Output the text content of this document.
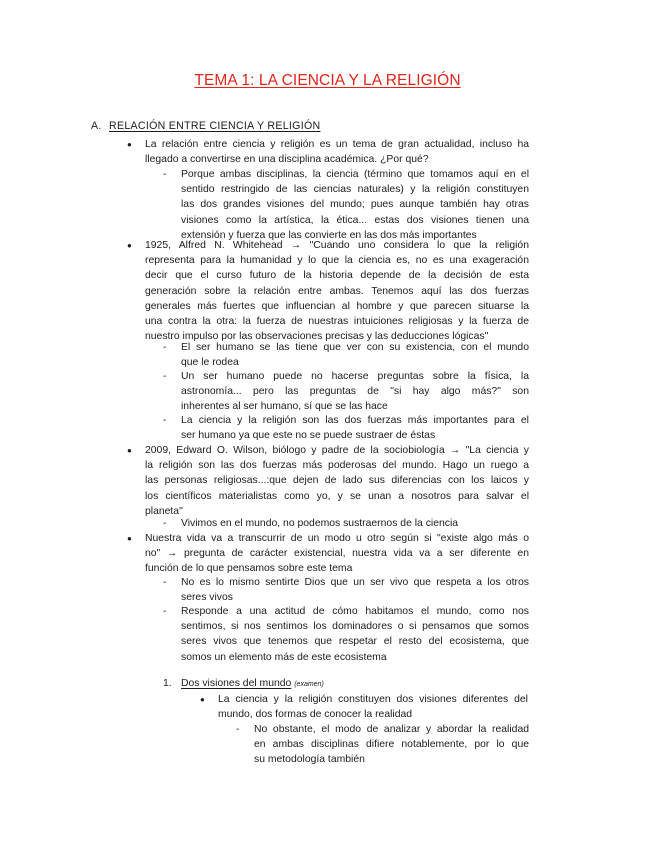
TEMA 1: LA CIENCIA Y LA RELIGIÓN
A. RELACIÓN ENTRE CIENCIA Y RELIGIÓN
● La relación entre ciencia y religión es un tema de gran actualidad, incluso ha
llegado a convertirse en una disciplina académica. ¿Por qué?
- Porque ambas disciplinas, la ciencia (término que tomamos aquí en el
sentido restringido de las ciencias naturales) y la religión constituyen
las dos grandes visiones del mundo; pues aunque también hay otras
visiones como la artística, la ética... estas dos visiones tienen una
extensión y fuerza que las convierte en las dos más importantes
● 1925, Alfred N. Whitehead → "Cuando uno considera lo que la religión
representa para la humanidad y lo que la ciencia es, no es una exageración
decir que el curso futuro de la historia depende de la decisión de esta
generación sobre la relación entre ambas. Tenemos aquí las dos fuerzas
generales más fuertes que influencian al hombre y que parecen situarse la
una contra la otra: la fuerza de nuestras intuiciones religiosas y la fuerza de
nuestro impulso por las observaciones precisas y las deducciones lógicas"
- El ser humano se las tiene que ver con su existencia, con el mundo
que le rodea
- Un ser humano puede no hacerse preguntas sobre la física, la
astronomía... pero las preguntas de "si hay algo más?" son
inherentes al ser humano, sí que se las hace
- La ciencia y la religión son las dos fuerzas más importantes para el
ser humano ya que este no se puede sustraer de éstas
● 2009, Edward O. Wilson, biólogo y padre de la sociobiología → "La ciencia y
la religión son las dos fuerzas más poderosas del mundo. Hago un ruego a
las personas religiosas...:que dejen de lado sus diferencias con los laicos y
los científicos materialistas como yo, y se unan a nosotros para salvar el
planeta"
- Vivimos en el mundo, no podemos sustraernos de la ciencia
● Nuestra vida va a transcurrir de un modo u otro según si "existe algo más o
no" → pregunta de carácter existencial, nuestra vida va a ser diferente en
función de lo que pensamos sobre este tema
- No es lo mismo sentirte Dios que un ser vivo que respeta a los otros
seres vivos
- Responde a una actitud de cómo habitamos el mundo, como nos
sentimos, si nos sentimos los dominadores o si pensamos que somos
seres vivos que tenemos que respetar el resto del ecosistema, que
somos un elemento más de este ecosistema
1. Dos visiones del mundo (examen)
● La ciencia y la religión constituyen dos visiones diferentes del
mundo, dos formas de conocer la realidad
- No obstante, el modo de analizar y abordar la realidad
en ambas disciplinas difiere notablemente, por lo que
su metodología también
